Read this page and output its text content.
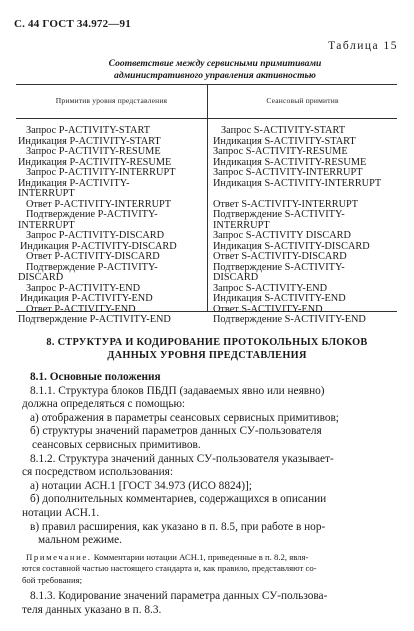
С. 44 ГОСТ 34.972—91
Таблица 15
Соответствие между сервисными примитивами
административного управления активностью
Примитив уровня представления	Сеансовый примитив
Запрос P-ACTIVITY-START
Индикация P-ACTIVITY-START
Запрос P-ACTIVITY-RESUME
Индикация P-ACTIVITY-RESUME
Запрос P-ACTIVITY-INTERRUPT
Индикация P-ACTIVITY-
INTERRUPT
Ответ P-ACTIVITY-INTERRUPT
Подтверждение P-ACTIVITY-
INTERRUPT
Запрос P-ACTIVITY-DISCARD
Индикация P-ACTIVITY-DISCARD
Ответ P-ACTIVITY-DISCARD
Подтверждение P-ACTIVITY-
DISCARD
Запрос P-ACTIVITY-END
Индикация P-ACTIVITY-END
Ответ P-ACTIVITY-END
Подтверждение P-ACTIVITY-END
Запрос S-ACTIVITY-START
Индикация S-ACTIVITY-START
Запрос S-ACTIVITY-RESUME
Индикация S-ACTIVITY-RESUME
Запрос S-ACTIVITY-INTERRUPT
Индикация S-ACTIVITY-INTERRUPT

Ответ S-ACTIVITY-INTERRUPT
Подтверждение S-ACTIVITY-
INTERRUPT
Запрос S-ACTIVITY DISCARD
Индикация S-ACTIVITY-DISCARD
Ответ S-ACTIVITY-DISCARD
Подтверждение S-ACTIVITY-
DISCARD
Запрос S-ACTIVITY-END
Индикация S-ACTIVITY-END
Ответ S-ACTIVITY-END
Подтверждение S-ACTIVITY-END
8. СТРУКТУРА И КОДИРОВАНИЕ ПРОТОКОЛЬНЫХ БЛОКОВ
ДАННЫХ УРОВНЯ ПРЕДСТАВЛЕНИЯ
8.1. Основные положения
8.1.1. Структура блоков ПБДП (задаваемых явно или неявно)
должна определяться с помощью:
а) отображения в параметры сеансовых сервисных примитивов;
б) структуры значений параметров данных СУ-пользователя
сеансовых сервисных примитивов.
8.1.2. Структура значений данных СУ-пользователя указывает-
ся посредством использования:
а) нотации АСН.1 [ГОСТ 34.973 (ИСО 8824)];
б) дополнительных комментариев, содержащихся в описании
нотации АСН.1.
в) правил расширения, как указано в п. 8.5, при работе в нор-
мальном режиме.
Примечание. Комментарии нотации АСН.1, приведенные в п. 8.2, явля-
ются составной частью настоящего стандарта и, как правило, представляют со-
бой требования;
8.1.3. Кодирование значений параметра данных СУ-пользова-
теля данных указано в п. 8.3.
